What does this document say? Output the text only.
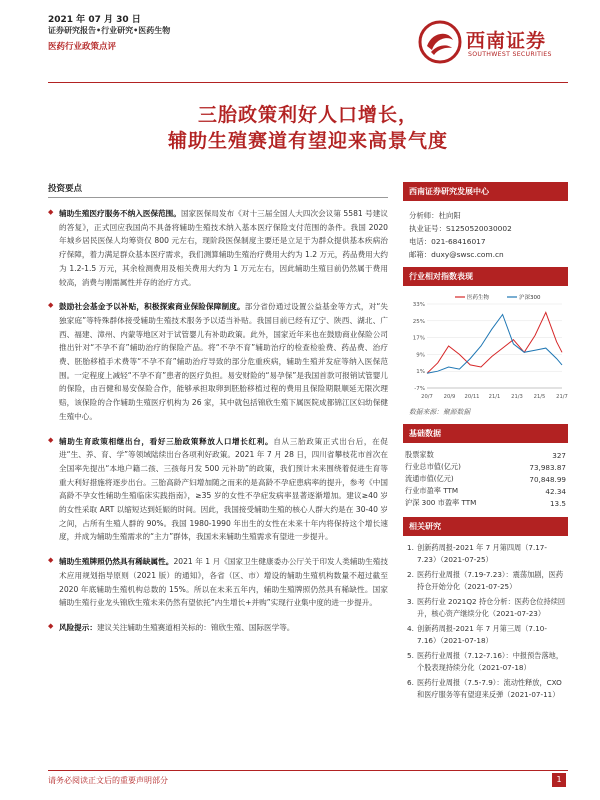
2021 年 07 月 30 日
证券研究报告•行业研究•医药生物
医药行业政策点评	西南证券
SOUTHWEST SECURITIES
三胎政策利好人口增长，
辅助生殖赛道有望迎来高景气度
投资要点
◆ 辅助生殖医疗服务不纳入医保范围。国家医保局发布《对十三届全国人大四次会议第 5581 号建议的答复》，正式回应我国尚不具备将辅助生殖技术纳入基本医疗保险支付范围的条件。我国 2020 年城乡居民医保人均筹资仅 800 元左右，现阶段医保制度主要还是立足于为群众提供基本疾病治疗保障，着力满足群众基本医疗需求，我们测算辅助生殖治疗费用大约为 1.2 万元，药品费用大约为 1.2-1.5 万元，其余检测费用及相关费用大约为 1 万元左右，因此辅助生殖目前仍然属于费用较高，消费与刚需属性并存的治疗方式。
◆ 鼓励社会基金予以补贴，积极探索商业保险保障制度。部分省份通过设置公益基金等方式，对“失独家庭”等特殊群体接受辅助生殖技术服务予以适当补贴。我国目前已经有辽宁、陕西、湖北、广西、福建、漳州、内蒙等地区对于试管婴儿有补助政策。此外，国家近年来也在鼓励商业保险公司推出针对“不孕不育”辅助治疗的保险产品。将“不孕不育”辅助治疗的检查检验费、药品费、治疗费、胚胎移植手术费等“不孕不育”辅助治疗导致的部分危重疾病，辅助生殖并发症等纳入医保范围。一定程度上减轻“不孕不育”患者的医疗负担。易安财险的“易孕保”是我国首款可报销试管婴儿的保险，由百健和易安保险合作，能够承担取卵到胚胎移植过程的费用且保险期限顺延无限次理赔，该保险的合作辅助生殖医疗机构为 26 家，其中就包括锦欣生殖下属医院成都锦江区妇幼保健生殖中心。
◆ 辅助生育政策相继出台，看好三胎政策释放人口增长红利。自从三胎政策正式出台后，在促进“生、养、育、学”等领域陆续出台各项利好政策。2021 年 7 月 28 日，四川省攀枝花市首次在全国率先提出“本地户籍二孩、三孩每月发 500 元补助”的政策，我们预计未来围绕着促进生育等重大利好措施将逐步出台。三胎高龄产妇增加随之而来的是高龄不孕症患病率的提升，参考《中国高龄不孕女性辅助生殖临床实践指南》，≥35 岁的女性不孕症发病率显著逐渐增加。建议≥40 岁的女性采取 ART 以缩短达到妊娠的时间。因此，我国接受辅助生殖的核心人群大约是在 30-40 岁之间，占所有生殖人群的 90%。我国 1980-1990 年出生的女性在未来十年内将保持这个增长速度，并成为辅助生殖需求的“主力”群体，我国未来辅助生殖需求有望进一步提升。
◆ 辅助生殖牌照仍然具有稀缺属性。2021 年 1 月《国家卫生健康委办公厅关于印发人类辅助生殖技术应用规划指导原则（2021 版）的通知》，各省（区、市）增设的辅助生殖机构数量不超过截至 2020 年底辅助生殖机构总数的 15%。所以在未来五年内，辅助生殖牌照仍然具有稀缺性。国家辅助生殖行业龙头锦欣生殖未来仍然有望依托“内生增长+并购”实现行业集中度的进一步提升。
◆ 风险提示：建议关注辅助生殖赛道相关标的：锦欣生殖、国际医学等。
西南证券研究发展中心
分析师：杜向阳
执业证号：S1250520030002
电话：021-68416017
邮箱：duxy@swsc.com.cn
行业相对指数表现
33%
25%
17%
9%
1%
-7%
20/7 20/9 20/11 21/1 21/3 21/5 21/7
医药生物	沪深300
数据来源：聚源数据
基础数据
股票家数	327
行业总市值(亿元)	73,983.87
流通市值(亿元)	70,848.99
行业市盈率 TTM	42.34
沪深 300 市盈率 TTM	13.5
相关研究
1. 创新药周报-2021 年 7 月第四周（7.17-7.23）（2021-07-25）
2. 医药行业周报（7.19-7.23）：震荡加剧，医药持仓开始分化（2021-07-25）
3. 医药行业 2021Q2 持仓分析：医药仓位持续回升，核心资产继续分化（2021-07-23）
4. 创新药周报-2021 年 7 月第三周（7.10-7.16）（2021-07-18）
5. 医药行业周报（7.12-7.16）：中报预告落地，个股表现持续分化（2021-07-18）
6. 医药行业周报（7.5-7.9）：流动性释放，CXO 和医疗服务等有望迎来反弹（2021-07-11）
请务必阅读正文后的重要声明部分	1
